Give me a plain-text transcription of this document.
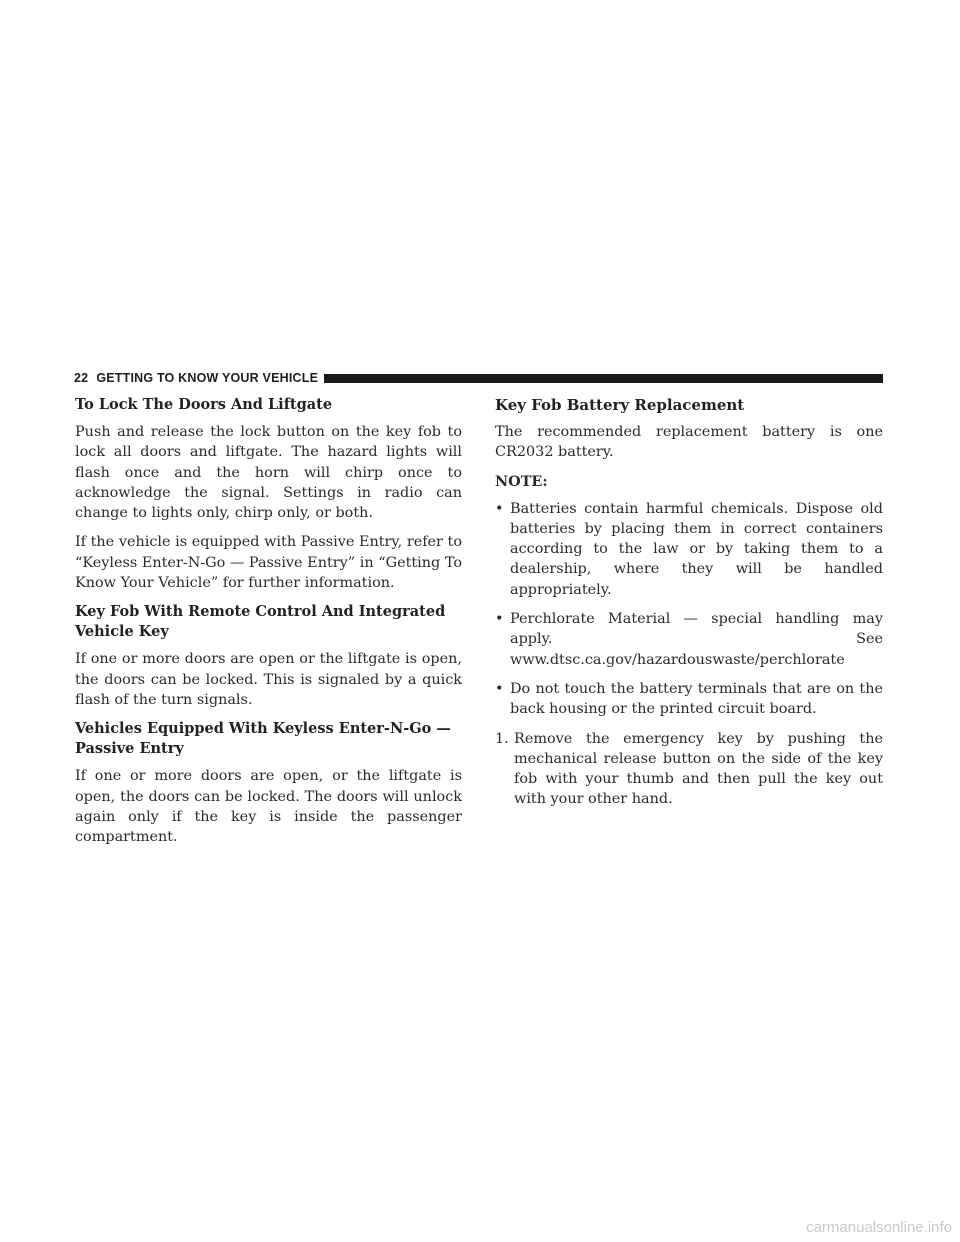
22 GETTING TO KNOW YOUR VEHICLE
To Lock The Doors And Liftgate

Push and release the lock button on the key fob to lock all doors and liftgate. The hazard lights will flash once and the horn will chirp once to acknowledge the signal. Settings in radio can change to lights only, chirp only, or both.

If the vehicle is equipped with Passive Entry, refer to “Keyless Enter-N-Go — Passive Entry” in “Getting To Know Your Vehicle” for further information.

Key Fob With Remote Control And Integrated Vehicle Key

If one or more doors are open or the liftgate is open, the doors can be locked. This is signaled by a quick flash of the turn signals.

Vehicles Equipped With Keyless Enter-N-Go — Passive Entry

If one or more doors are open, or the liftgate is open, the doors can be locked. The doors will unlock again only if the key is inside the passenger compartment.

Key Fob Battery Replacement

The recommended replacement battery is one CR2032 battery.

NOTE:
• Batteries contain harmful chemicals. Dispose old batteries by placing them in correct containers according to the law or by taking them to a dealership, where they will be handled appropriately.
• Perchlorate Material — special handling may apply. See www.dtsc.ca.gov/hazardouswaste/perchlorate
• Do not touch the battery terminals that are on the back housing or the printed circuit board.
1. Remove the emergency key by pushing the mechanical release button on the side of the key fob with your thumb and then pull the key out with your other hand.
carmanualsonline.info
